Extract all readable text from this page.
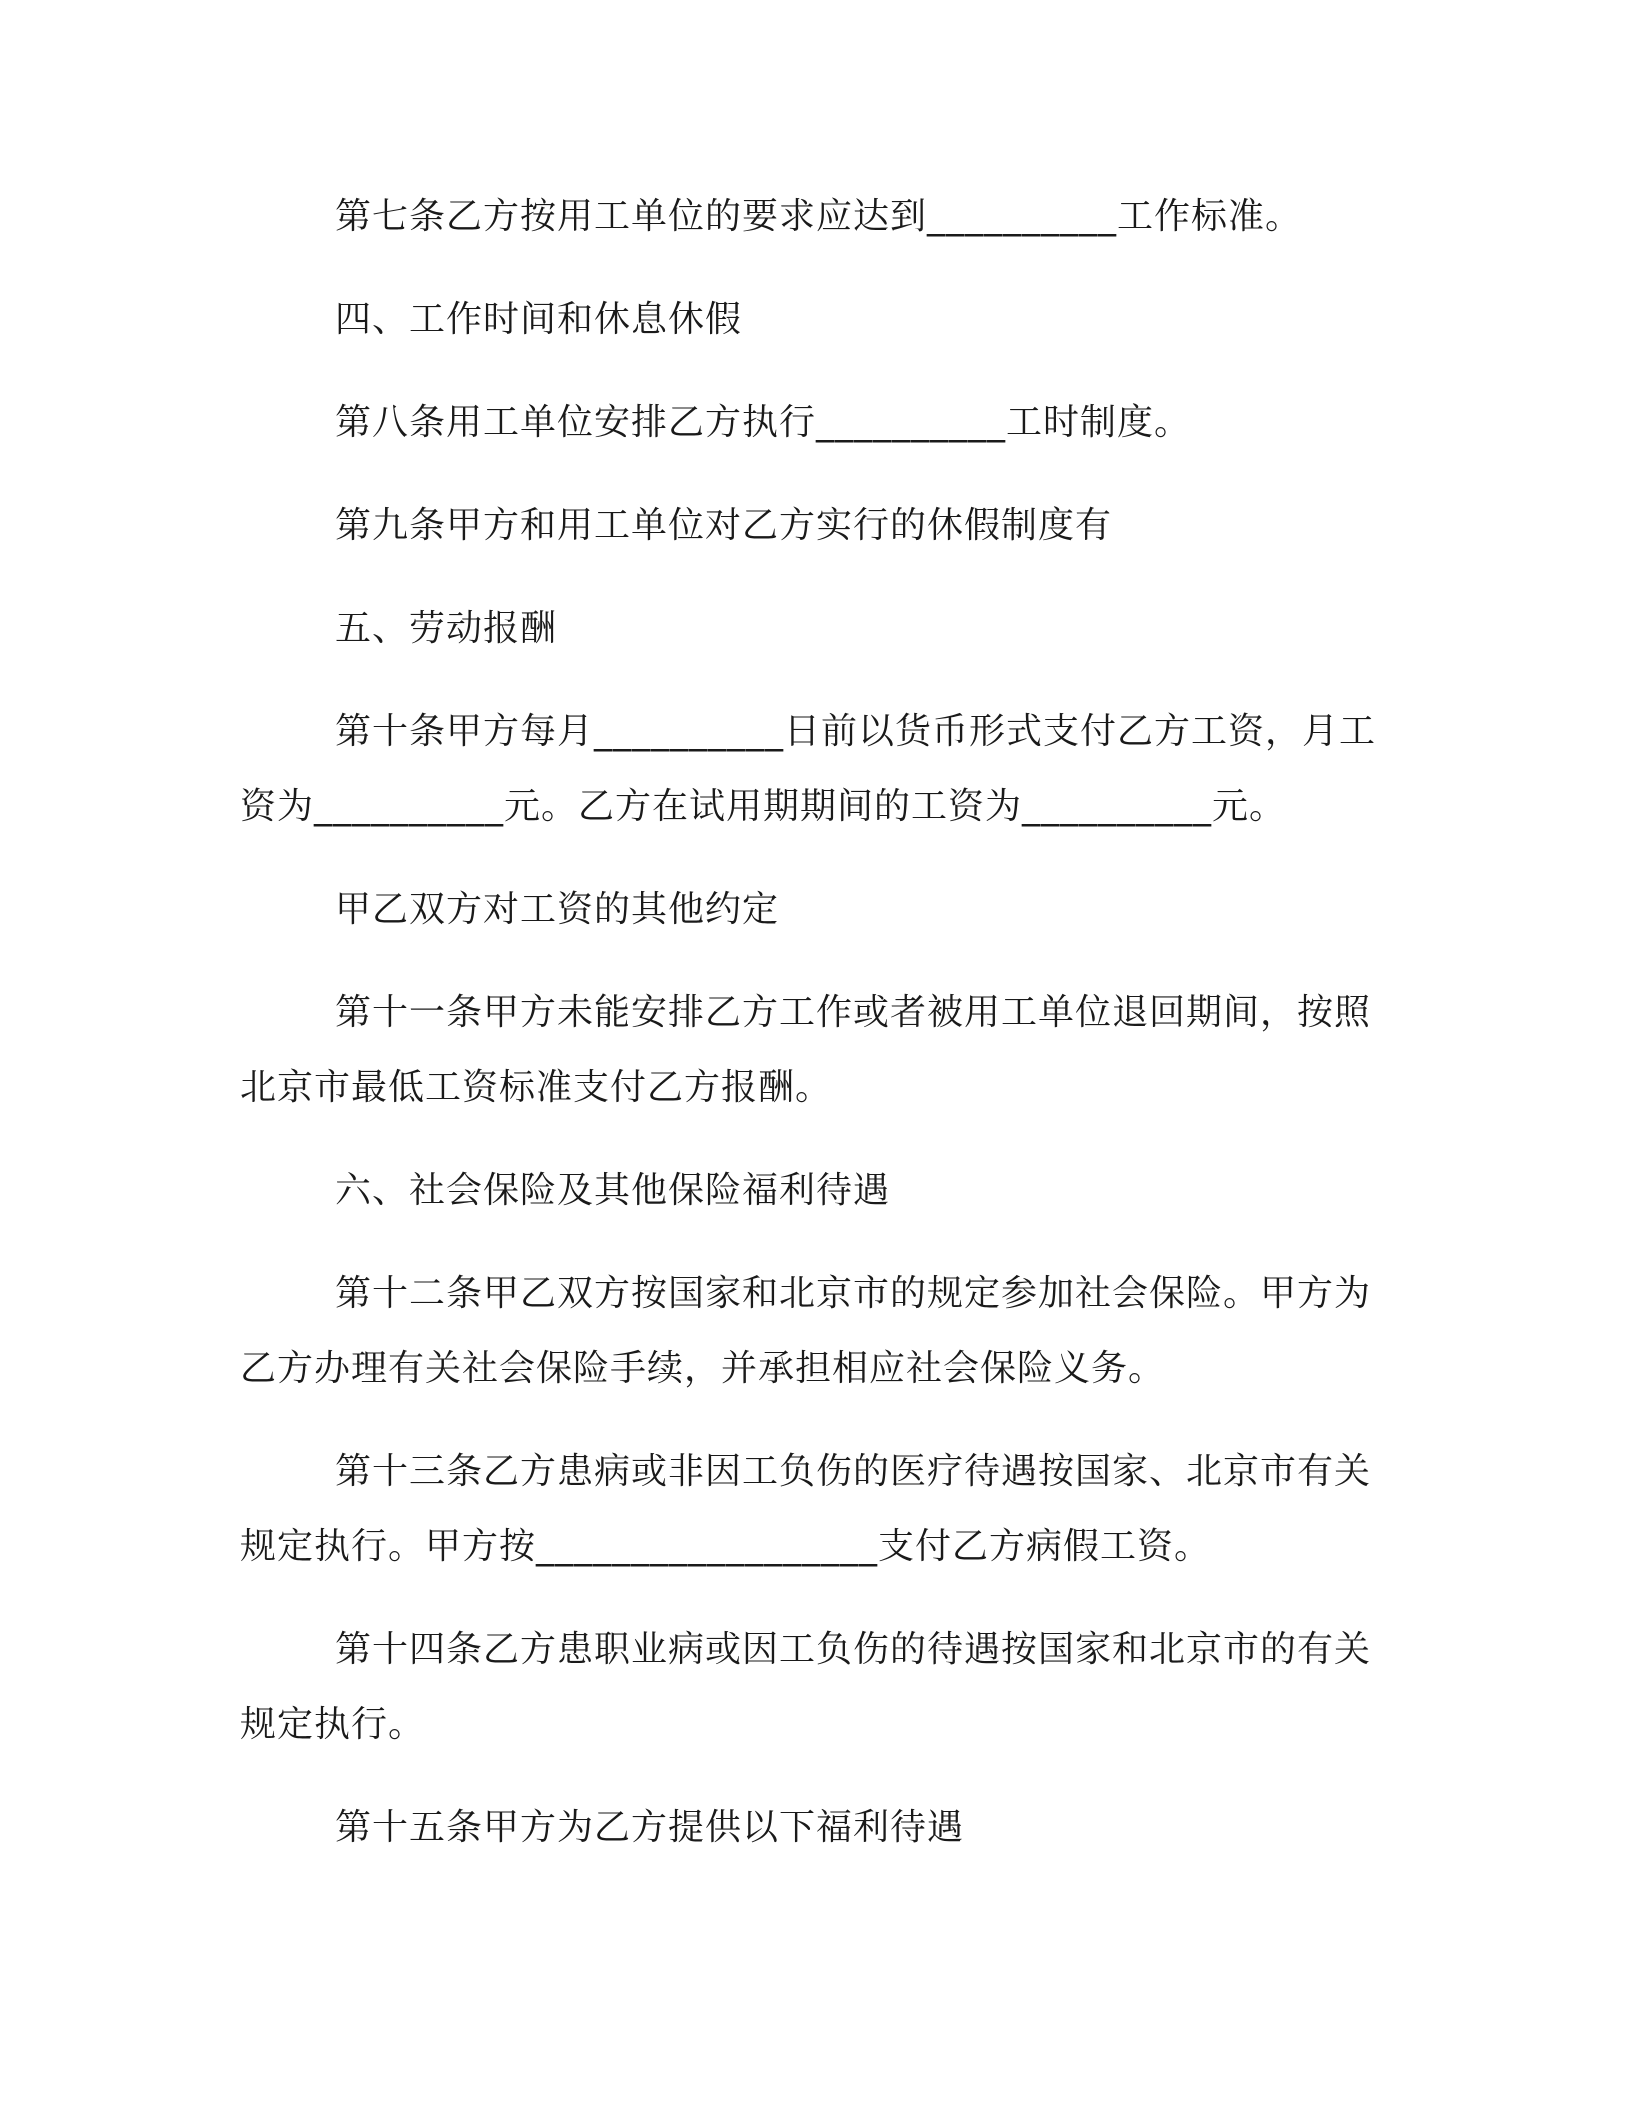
第七条乙方按用工单位的要求应达到__________工作标准。
四、工作时间和休息休假
第八条用工单位安排乙方执行__________工时制度。
第九条甲方和用工单位对乙方实行的休假制度有
五、劳动报酬
第十条甲方每月__________日前以货币形式支付乙方工资，月工
资为__________元。乙方在试用期期间的工资为__________元。
甲乙双方对工资的其他约定
第十一条甲方未能安排乙方工作或者被用工单位退回期间，按照
北京市最低工资标准支付乙方报酬。
六、社会保险及其他保险福利待遇
第十二条甲乙双方按国家和北京市的规定参加社会保险。甲方为
乙方办理有关社会保险手续，并承担相应社会保险义务。
第十三条乙方患病或非因工负伤的医疗待遇按国家、北京市有关
规定执行。甲方按__________________支付乙方病假工资。
第十四条乙方患职业病或因工负伤的待遇按国家和北京市的有关
规定执行。
第十五条甲方为乙方提供以下福利待遇
